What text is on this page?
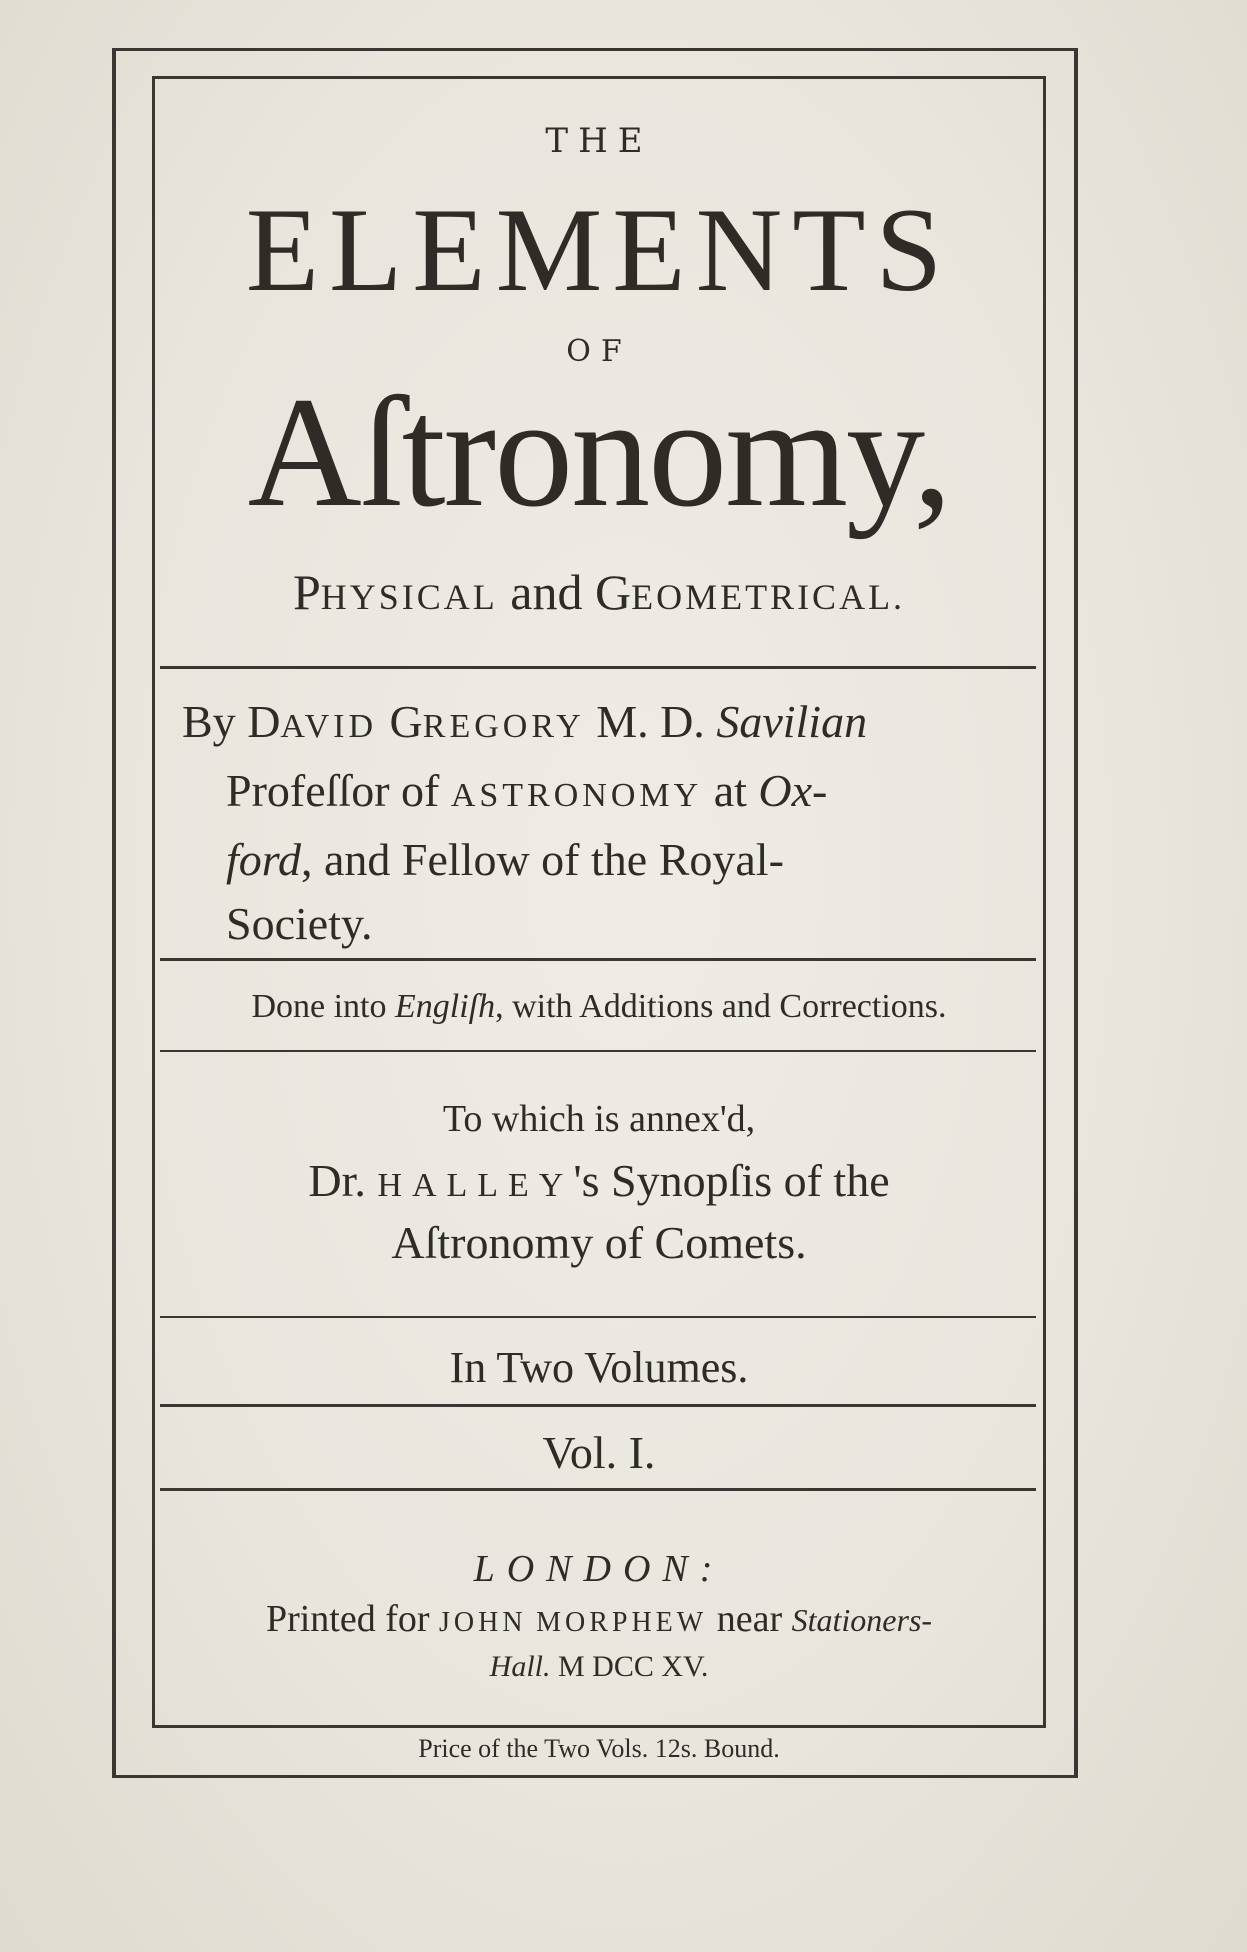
THE
ELEMENTS
OF
Aſtronomy,
PHYSICAL and GEOMETRICAL.
By DAVID GREGORY M. D. Savilian
Profeſſor of ASTRONOMY at Ox-
ford, and Fellow of the Royal-
Society.
Done into Engliſh, with Additions and Corrections.
To which is annex'd,
Dr. HALLEY's Synopſis of the
Aſtronomy of Comets.
In Two Volumes.
Vol. I.
LONDON:
Printed for JOHN MORPHEW near Stationers-
Hall. M DCC XV.
Price of the Two Vols. 12s. Bound.
